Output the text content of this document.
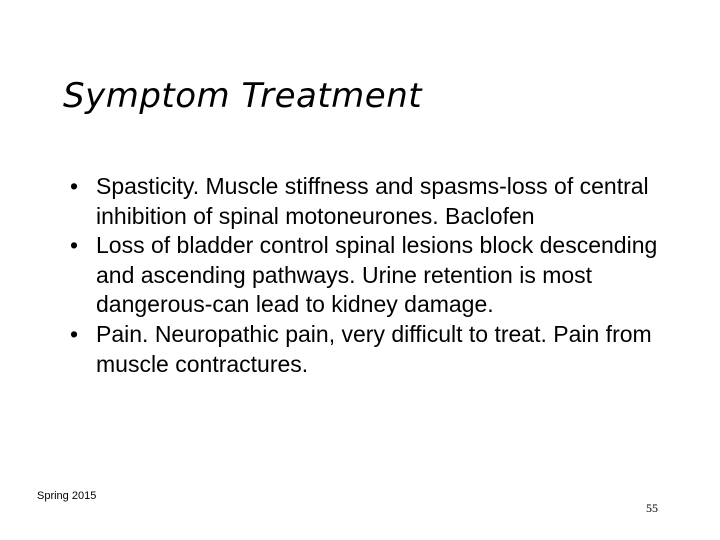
Symptom Treatment
• Spasticity. Muscle stiffness and spasms-loss of central inhibition of spinal motoneurones. Baclofen
• Loss of bladder control spinal lesions block descending and ascending pathways. Urine retention is most dangerous-can lead to kidney damage.
• Pain. Neuropathic pain, very difficult to treat. Pain from muscle contractures.
Spring 2015
55
